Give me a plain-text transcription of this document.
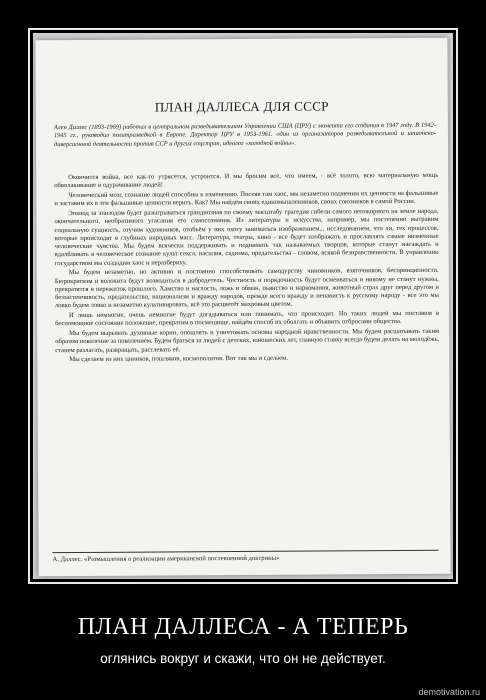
ПЛАН ДАЛЛЕСА ДЛЯ СССР
Ален Даллес (1893-1969) работал в центральном разведывательном Управлении США (ЦРУ) с момента его создания в 1947 году. В 1942-1945 гг., руководил политразведкой в Европе. Директор ЦРУ в 1953-1961. один из организаторов разведывательной и шпионско-диверсионной деятельности против ССР и других соцстран, идеолог «холодной войны».

Окончится война, все как-то утрясется, устроится. И мы бросим все, что имеем, - всё золото, всю материальную мощь обволакивание и одурачивание людей!

Человеческий мозг, сознание людей способны к изменению. Посеяв там хаос, мы незаметно подменим их ценности на фальшивые и заставим их в эти фальшивые ценности верить. Как? Мы найдём своих единомышленников, своих союзников в самой России.

Эпизод за эпизодом будет разыгрываться грандиозная по своему масштабу трагедия гибели самого непокорного на земле народа, окончательного, необратимого угасания его самосознания. Из литературы и искусства, например, мы постепенно вытравим социальную сущность, отучим художников, отобьём у них охоту заниматься изображением... исследованием, что ли, тех процессов, которые происходят в глубинах народных масс. Литература, театры, кино - все будет изображать и прославлять самые низменные человеческие чувства. Мы будем всячески поддерживать и поднимать так называемых творцов, которые станут насаждать и вдалбливать в человеческое сознание культ секса, насилия, садизма, предательства - словом, всякой безнравственности. В управлении государством мы создадим хаос и неразбериху.

Мы будем незаметно, но активно и постоянно способствовать самодурству чиновников, взяточников, беспринципности. Бюрократизм и волокита будут возводиться в добродетель. Честность и порядочность будут осмеиваться и никому не станут нужны, превратятся в пережиток прошлого. Хамство и наглость, ложь и обман, пьянство и наркомания, животный страх друг перед другом и беззастенчивость, предательство, национализм и вражду народов, прежде всего вражду и ненависть к русскому народу - все это мы ловко будем ловко и незаметно культивировать, всё это расцветёт махровым цветом.

И лишь немногие, очень немногие будут догадываться или понимать, что происходит. Но таких людей мы поставим в беспомощное состояние положение, превратим в посмешище, найдём способ их оболгать и объявить отбросами общества.

Мы будем вырывать духовные корни, опошлять и уничтожать основы народной нравственности. Мы будем расшатывать таким образом поколение за поколением. Будем браться за людей с детских, юношеских лет, главную ставку всегда будем делать на молодёжь, станем разлагать, развращать, растлевать её.

Мы сделаем из них циников, пошляков, космополитов. Вот так мы и сделаем.

А. Даллес. «Размышления о реализации американской послевоенной доктрины»
ПЛАН ДАЛЛЕСА - А ТЕПЕРЬ
оглянись вокруг и скажи, что он не действует.
demotivation.ru
